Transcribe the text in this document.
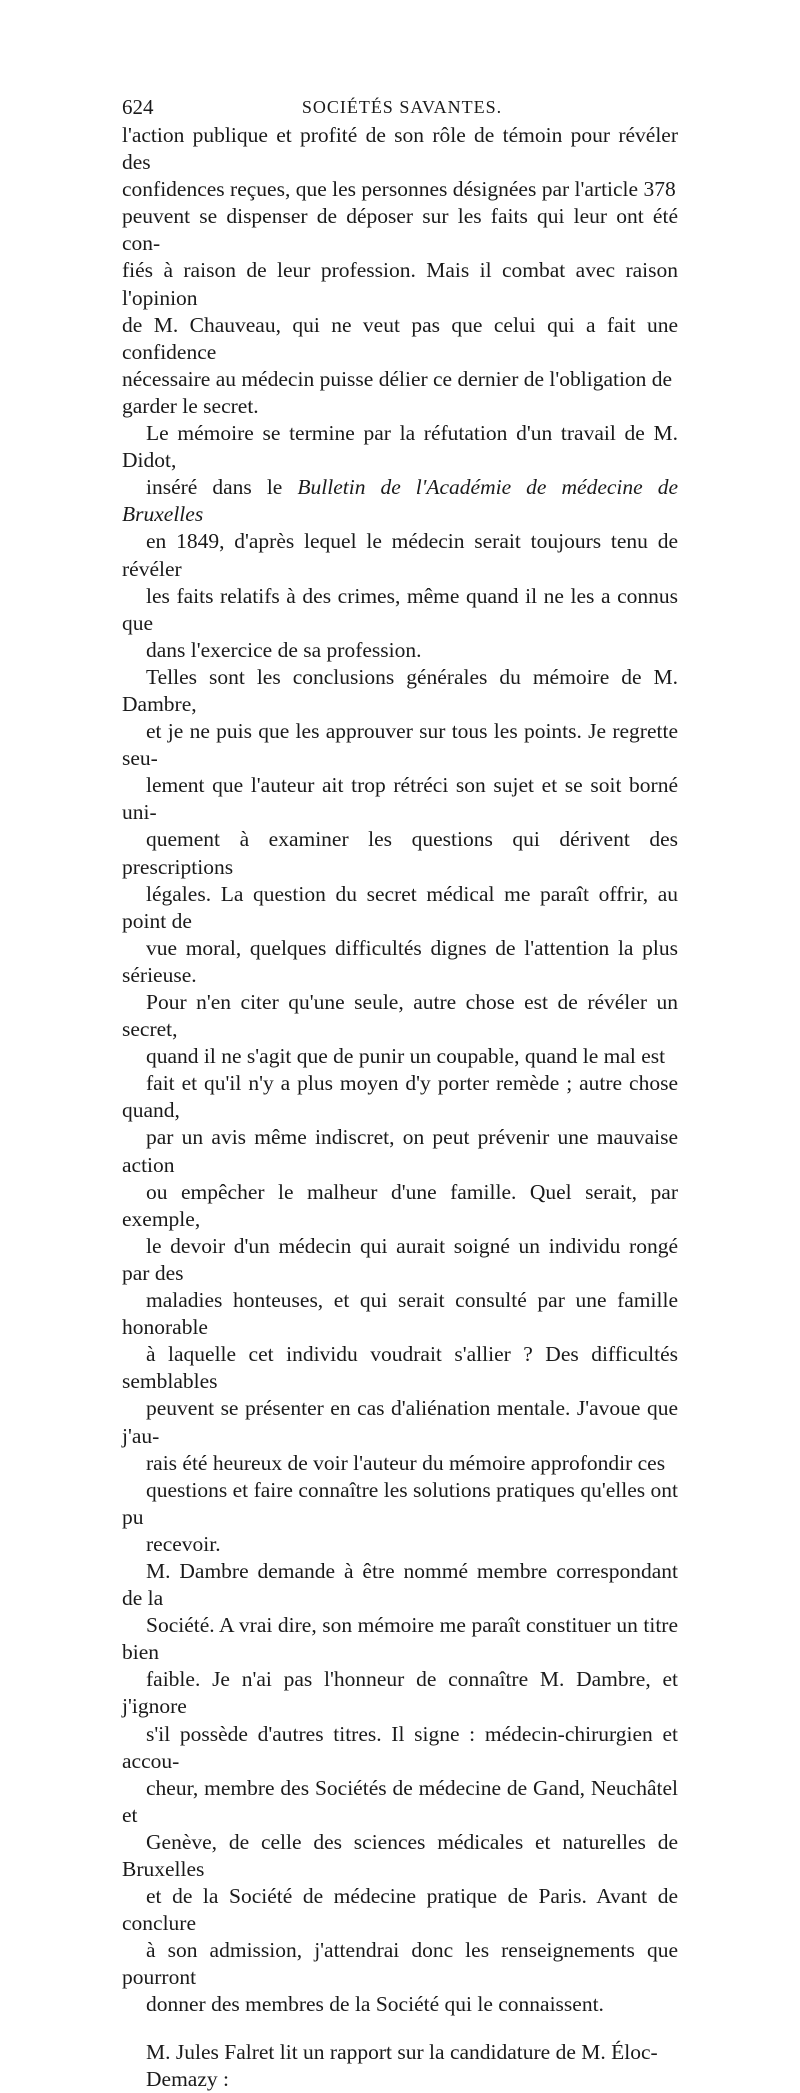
624	SOCIÉTÉS SAVANTES.

l'action publique et profité de son rôle de témoin pour révéler des
confidences reçues, que les personnes désignées par l'article 378
peuvent se dispenser de déposer sur les faits qui leur ont été con-
fiés à raison de leur profession. Mais il combat avec raison l'opinion
de M. Chauveau, qui ne veut pas que celui qui a fait une confidence
nécessaire au médecin puisse délier ce dernier de l'obligation de
garder le secret.

Le mémoire se termine par la réfutation d'un travail de M. Didot,
inséré dans le Bulletin de l'Académie de médecine de Bruxelles
en 1849, d'après lequel le médecin serait toujours tenu de révéler
les faits relatifs à des crimes, même quand il ne les a connus que
dans l'exercice de sa profession.

Telles sont les conclusions générales du mémoire de M. Dambre,
et je ne puis que les approuver sur tous les points. Je regrette seu-
lement que l'auteur ait trop rétréci son sujet et se soit borné uni-
quement à examiner les questions qui dérivent des prescriptions
légales. La question du secret médical me paraît offrir, au point de
vue moral, quelques difficultés dignes de l'attention la plus sérieuse.
Pour n'en citer qu'une seule, autre chose est de révéler un secret,
quand il ne s'agit que de punir un coupable, quand le mal est
fait et qu'il n'y a plus moyen d'y porter remède ; autre chose quand,
par un avis même indiscret, on peut prévenir une mauvaise action
ou empêcher le malheur d'une famille. Quel serait, par exemple,
le devoir d'un médecin qui aurait soigné un individu rongé par des
maladies honteuses, et qui serait consulté par une famille honorable
à laquelle cet individu voudrait s'allier ? Des difficultés semblables
peuvent se présenter en cas d'aliénation mentale. J'avoue que j'au-
rais été heureux de voir l'auteur du mémoire approfondir ces
questions et faire connaître les solutions pratiques qu'elles ont pu
recevoir.

M. Dambre demande à être nommé membre correspondant de la
Société. A vrai dire, son mémoire me paraît constituer un titre bien
faible. Je n'ai pas l'honneur de connaître M. Dambre, et j'ignore
s'il possède d'autres titres. Il signe : médecin-chirurgien et accou-
cheur, membre des Sociétés de médecine de Gand, Neuchâtel et
Genève, de celle des sciences médicales et naturelles de Bruxelles
et de la Société de médecine pratique de Paris. Avant de conclure
à son admission, j'attendrai donc les renseignements que pourront
donner des membres de la Société qui le connaissent.

M. Jules Falret lit un rapport sur la candidature de M. Éloc-
Demazy :
